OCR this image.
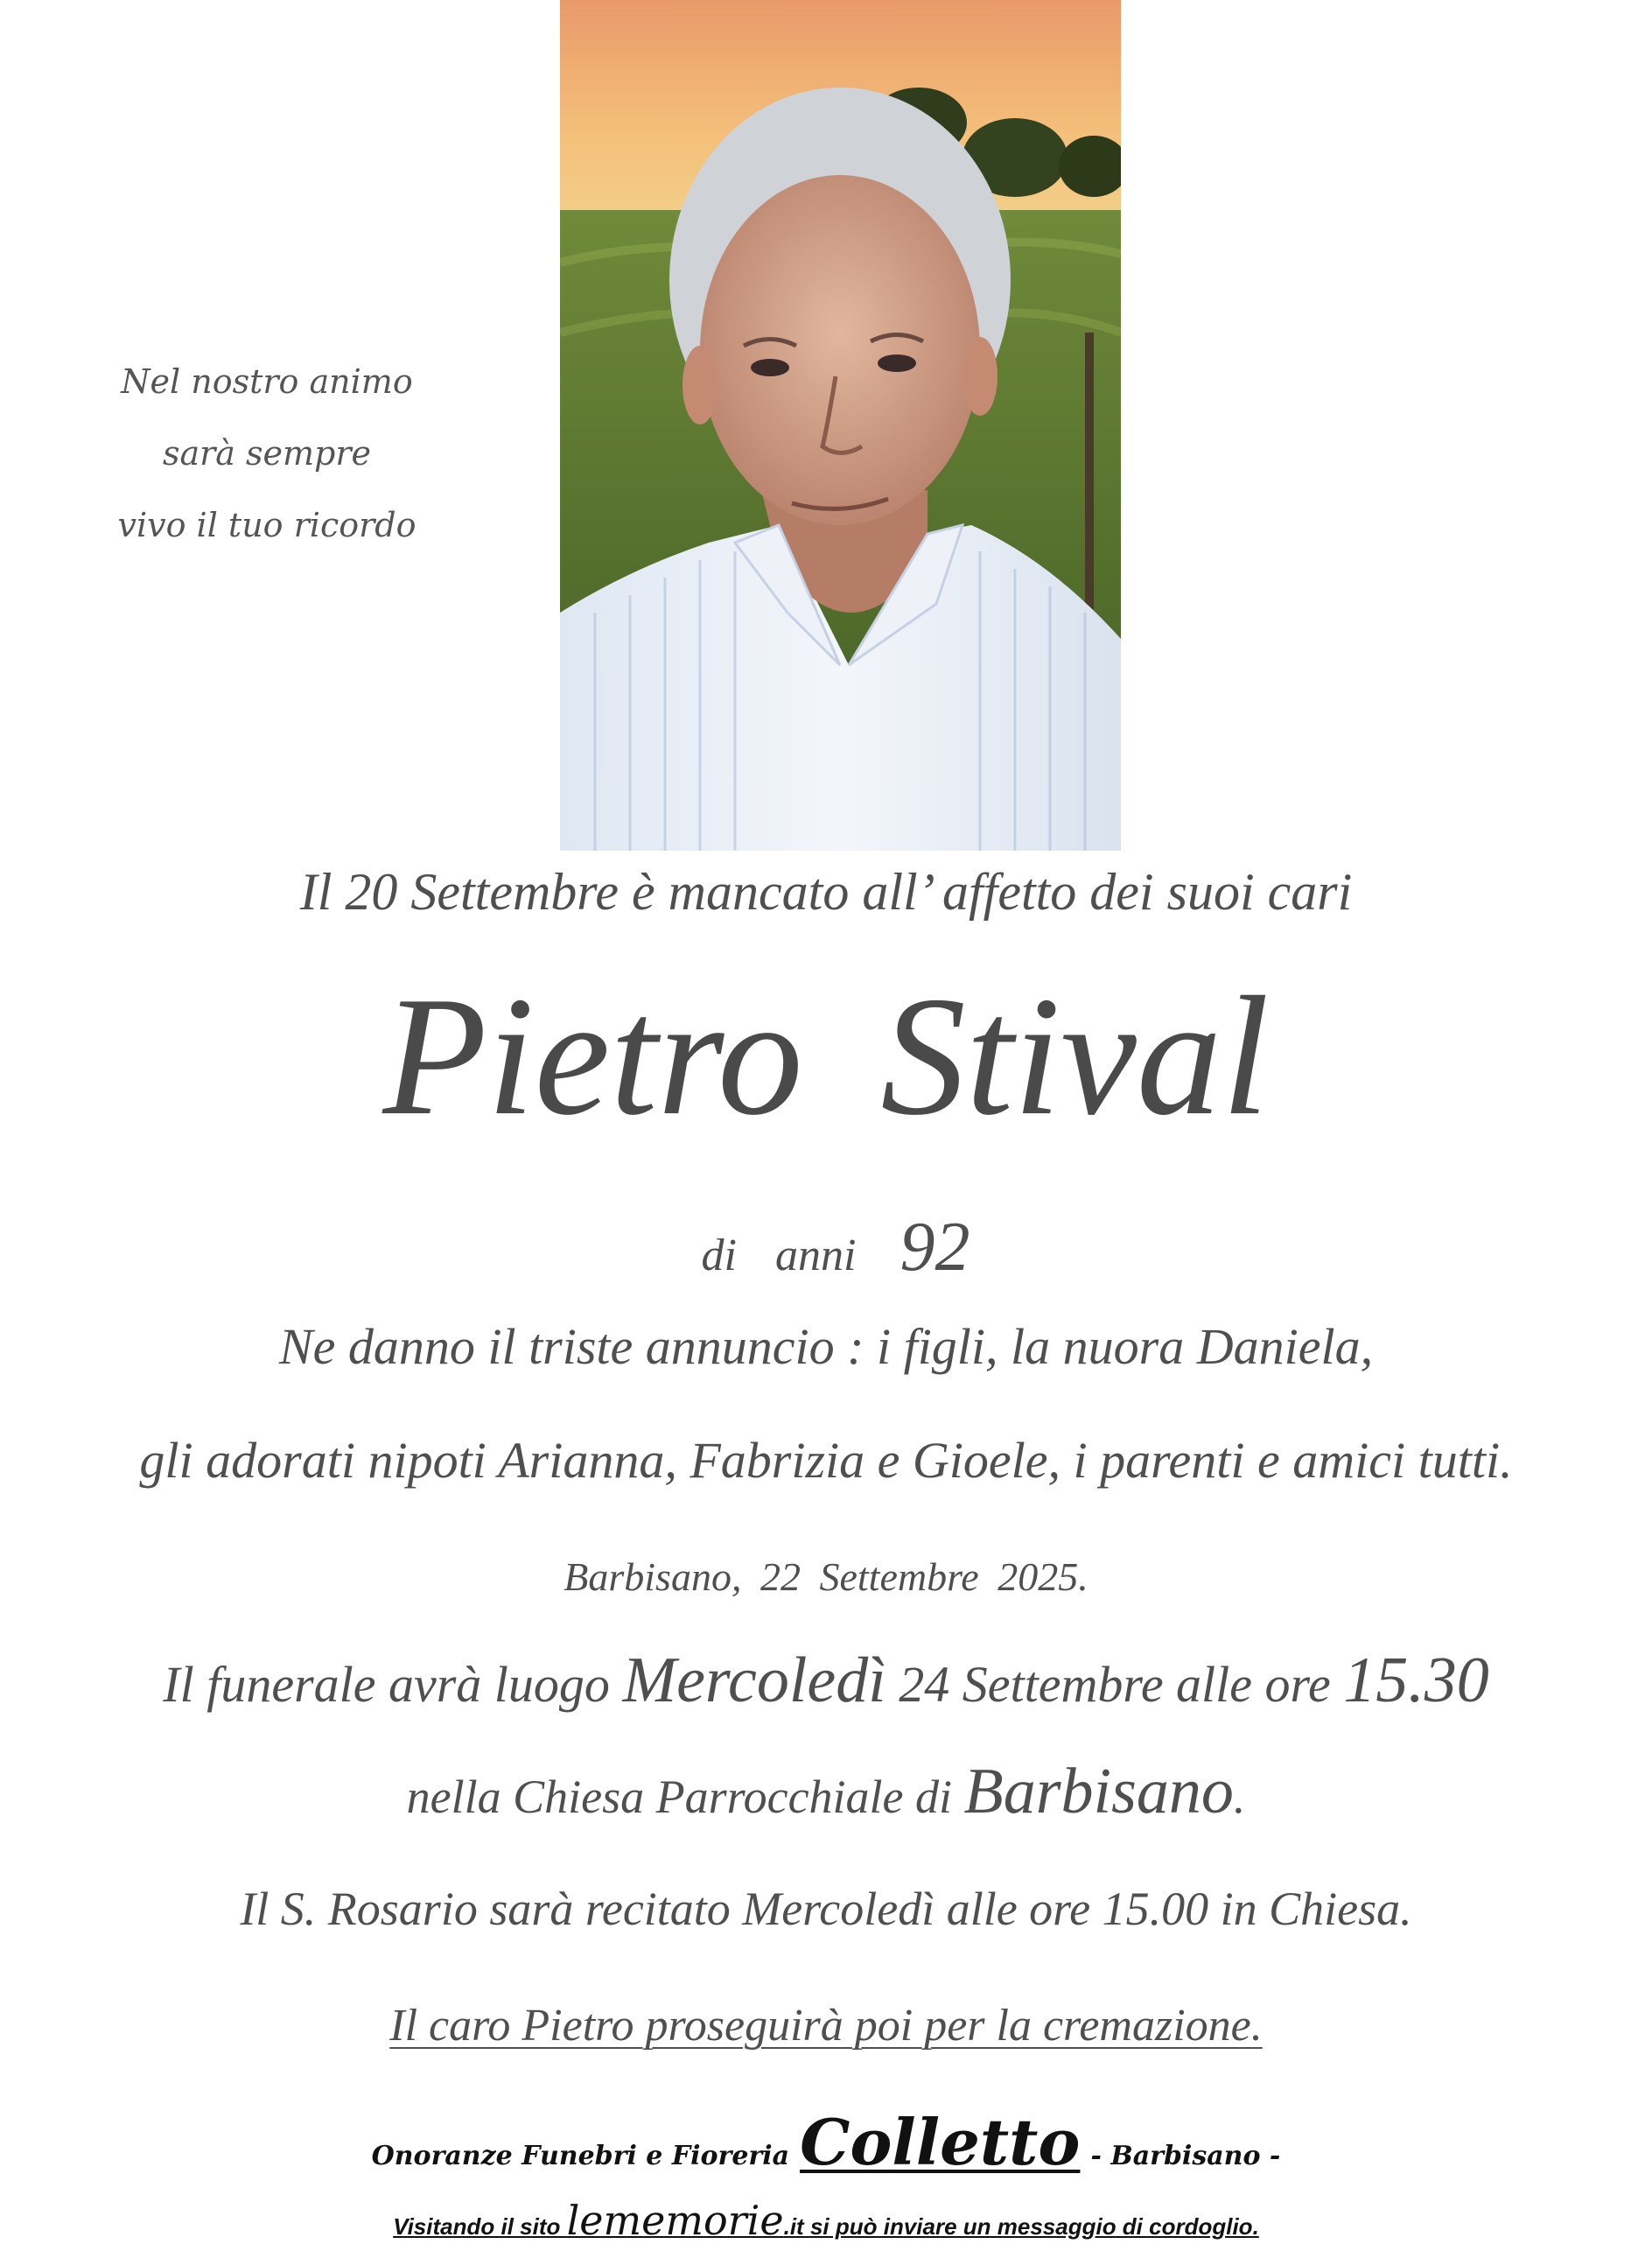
Nel nostro animo
sarà sempre
vivo il tuo ricordo
Il 20 Settembre è mancato all’ affetto dei suoi cari
Pietro Stival
di anni 92
Ne danno il triste annuncio : i figli, la nuora Daniela,
gli adorati nipoti Arianna, Fabrizia e Gioele, i parenti e amici tutti.
Barbisano, 22 Settembre 2025.
Il funerale avrà luogo Mercoledì 24 Settembre alle ore 15.30
nella Chiesa Parrocchiale di Barbisano.
Il S. Rosario sarà recitato Mercoledì alle ore 15.00 in Chiesa.
Il caro Pietro proseguirà poi per la cremazione.
Onoranze Funebri e Fioreria Colletto - Barbisano -
Visitando il sito lememorie.it si può inviare un messaggio di cordoglio.
